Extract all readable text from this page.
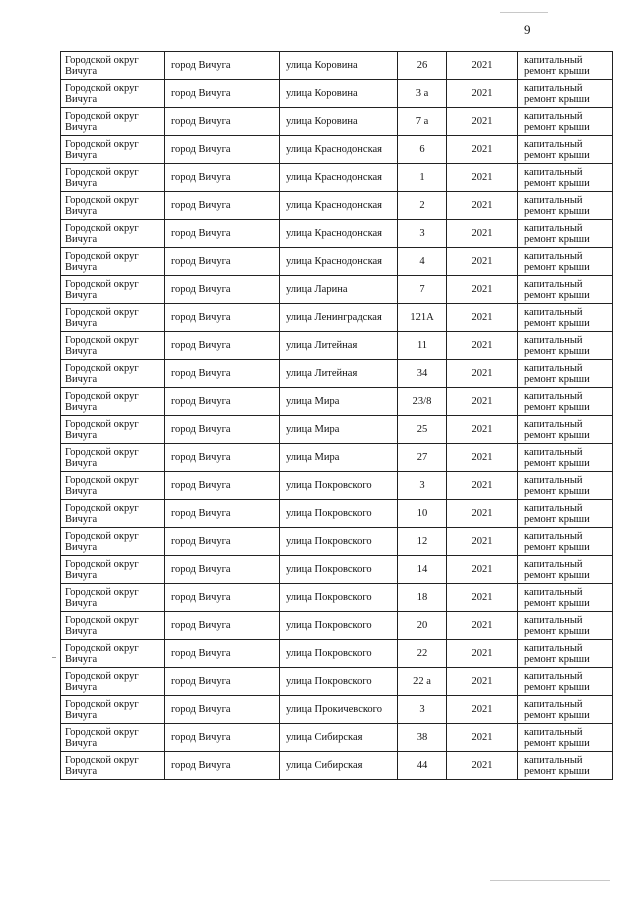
9
Городской округ Вичуга	город Вичуга	улица Коровина	26	2021	капитальный ремонт крыши
Городской округ Вичуга	город Вичуга	улица Коровина	3 а	2021	капитальный ремонт крыши
Городской округ Вичуга	город Вичуга	улица Коровина	7 а	2021	капитальный ремонт крыши
Городской округ Вичуга	город Вичуга	улица Краснодонская	6	2021	капитальный ремонт крыши
Городской округ Вичуга	город Вичуга	улица Краснодонская	1	2021	капитальный ремонт крыши
Городской округ Вичуга	город Вичуга	улица Краснодонская	2	2021	капитальный ремонт крыши
Городской округ Вичуга	город Вичуга	улица Краснодонская	3	2021	капитальный ремонт крыши
Городской округ Вичуга	город Вичуга	улица Краснодонская	4	2021	капитальный ремонт крыши
Городской округ Вичуга	город Вичуга	улица Ларина	7	2021	капитальный ремонт крыши
Городской округ Вичуга	город Вичуга	улица Ленинградская	121А	2021	капитальный ремонт крыши
Городской округ Вичуга	город Вичуга	улица Литейная	11	2021	капитальный ремонт крыши
Городской округ Вичуга	город Вичуга	улица Литейная	34	2021	капитальный ремонт крыши
Городской округ Вичуга	город Вичуга	улица Мира	23/8	2021	капитальный ремонт крыши
Городской округ Вичуга	город Вичуга	улица Мира	25	2021	капитальный ремонт крыши
Городской округ Вичуга	город Вичуга	улица Мира	27	2021	капитальный ремонт крыши
Городской округ Вичуга	город Вичуга	улица Покровского	3	2021	капитальный ремонт крыши
Городской округ Вичуга	город Вичуга	улица Покровского	10	2021	капитальный ремонт крыши
Городской округ Вичуга	город Вичуга	улица Покровского	12	2021	капитальный ремонт крыши
Городской округ Вичуга	город Вичуга	улица Покровского	14	2021	капитальный ремонт крыши
Городской округ Вичуга	город Вичуга	улица Покровского	18	2021	капитальный ремонт крыши
Городской округ Вичуга	город Вичуга	улица Покровского	20	2021	капитальный ремонт крыши
Городской округ Вичуга	город Вичуга	улица Покровского	22	2021	капитальный ремонт крыши
Городской округ Вичуга	город Вичуга	улица Покровского	22 а	2021	капитальный ремонт крыши
Городской округ Вичуга	город Вичуга	улица Прокичевского	3	2021	капитальный ремонт крыши
Городской округ Вичуга	город Вичуга	улица Сибирская	38	2021	капитальный ремонт крыши
Городской округ Вичуга	город Вичуга	улица Сибирская	44	2021	капитальный ремонт крыши
